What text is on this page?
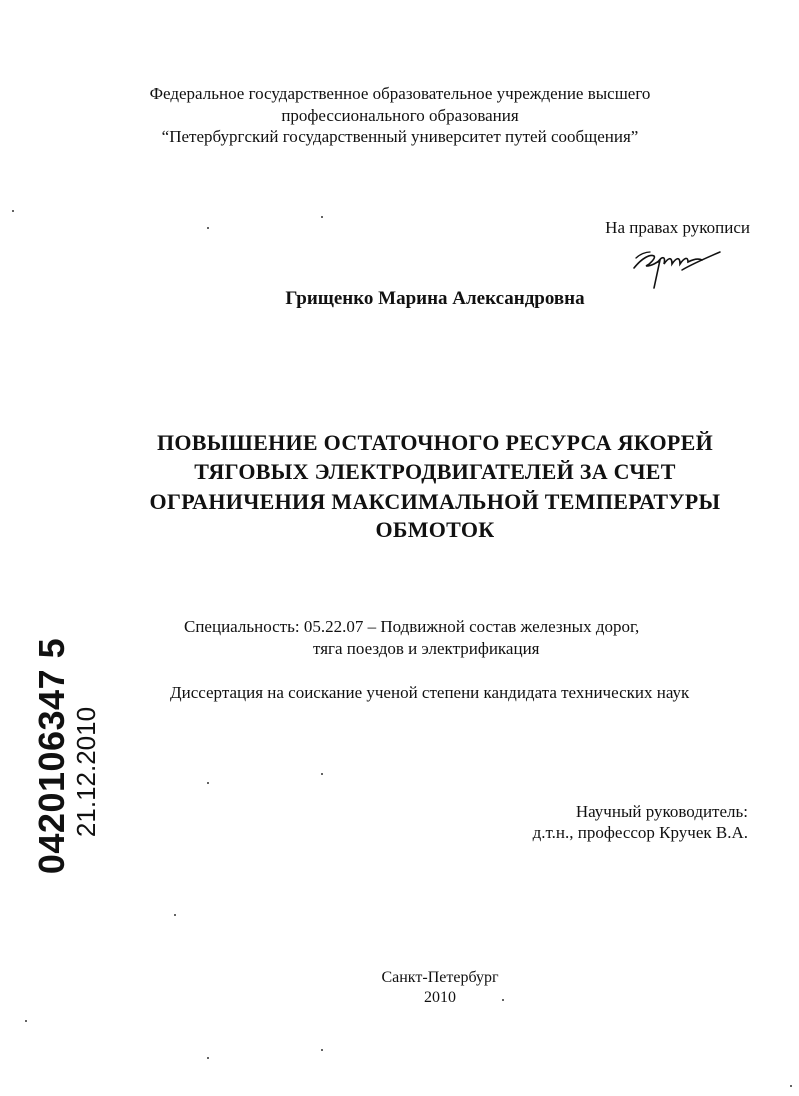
Федеральное государственное образовательное учреждение высшего
профессионального образования
“Петербургский государственный университет путей сообщения”
На правах рукописи
Грищенко Марина Александровна
ПОВЫШЕНИЕ ОСТАТОЧНОГО РЕСУРСА ЯКОРЕЙ
ТЯГОВЫХ ЭЛЕКТРОДВИГАТЕЛЕЙ ЗА СЧЕТ
ОГРАНИЧЕНИЯ МАКСИМАЛЬНОЙ ТЕМПЕРАТУРЫ
ОБМОТОК
Специальность: 05.22.07 – Подвижной состав железных дорог,
тяга поездов и электрификация
Диссертация на соискание ученой степени кандидата технических наук
Научный руководитель:
д.т.н., профессор Кручек В.А.
Санкт-Петербург
2010
0420106347 5 21.12.2010
